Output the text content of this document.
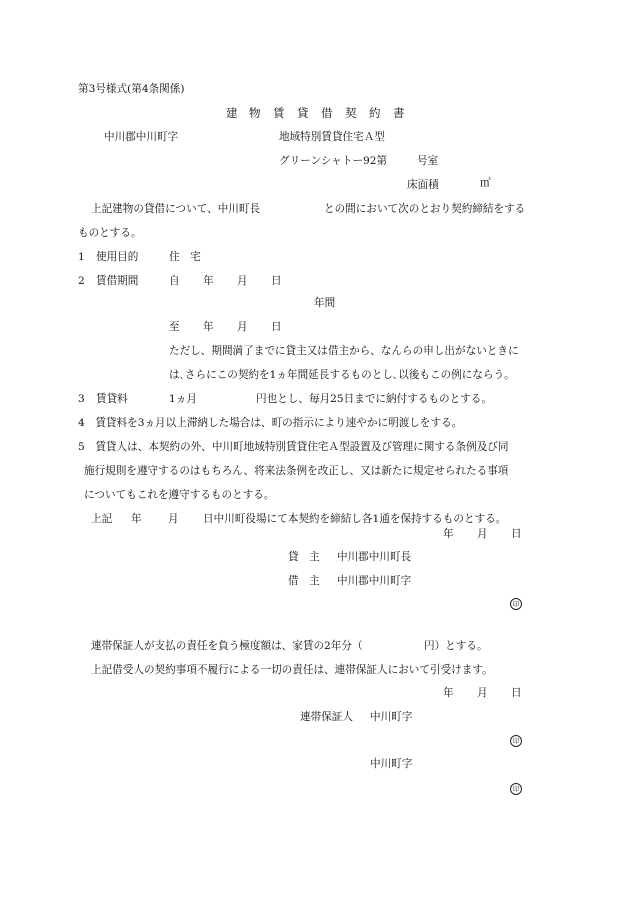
第3号様式(第4条関係)
建 物 賃 貸 借 契 約 書
中川郡中川町字	地域特別賃貸住宅Ａ型
グリーンシャトー92第	号室
床面積	㎡
上記建物の貸借について、中川町長	との間において次のとおり契約締結をする
ものとする。
1 使用目的	住　宅
2 賃借期間	自 年 月 日
年間
至 年 月 日
ただし、期間満了までに貸主又は借主から、なんらの申し出がないときに
は､さらにこの契約を1ヵ年間延長するものとし､以後もこの例にならう。
3 賃貸料	1ヵ月	円也とし、毎月25日までに納付するものとする。
4　賃貸料を3ヵ月以上滞納した場合は、町の指示により速やかに明渡しをする。
5　賃貸人は、本契約の外、中川町地域特別賃貸住宅Ａ型設置及び管理に関する条例及び同
施行規則を遵守するのはもちろん、将来法条例を改正し、又は新たに規定せられたる事項
についてもこれを遵守するものとする。
上記 年 月 日中川町役場にて本契約を締結し各1通を保持するものとする。
年 月 日
貸　主 中川郡中川町長
借　主 中川郡中川町字
印
連帯保証人が支払の責任を負う極度額は、家賃の2年分（	円）とする。
上記借受人の契約事項不履行による一切の責任は、連帯保証人において引受けます。
年 月 日
連帯保証人 中川町字
印
中川町字
印
